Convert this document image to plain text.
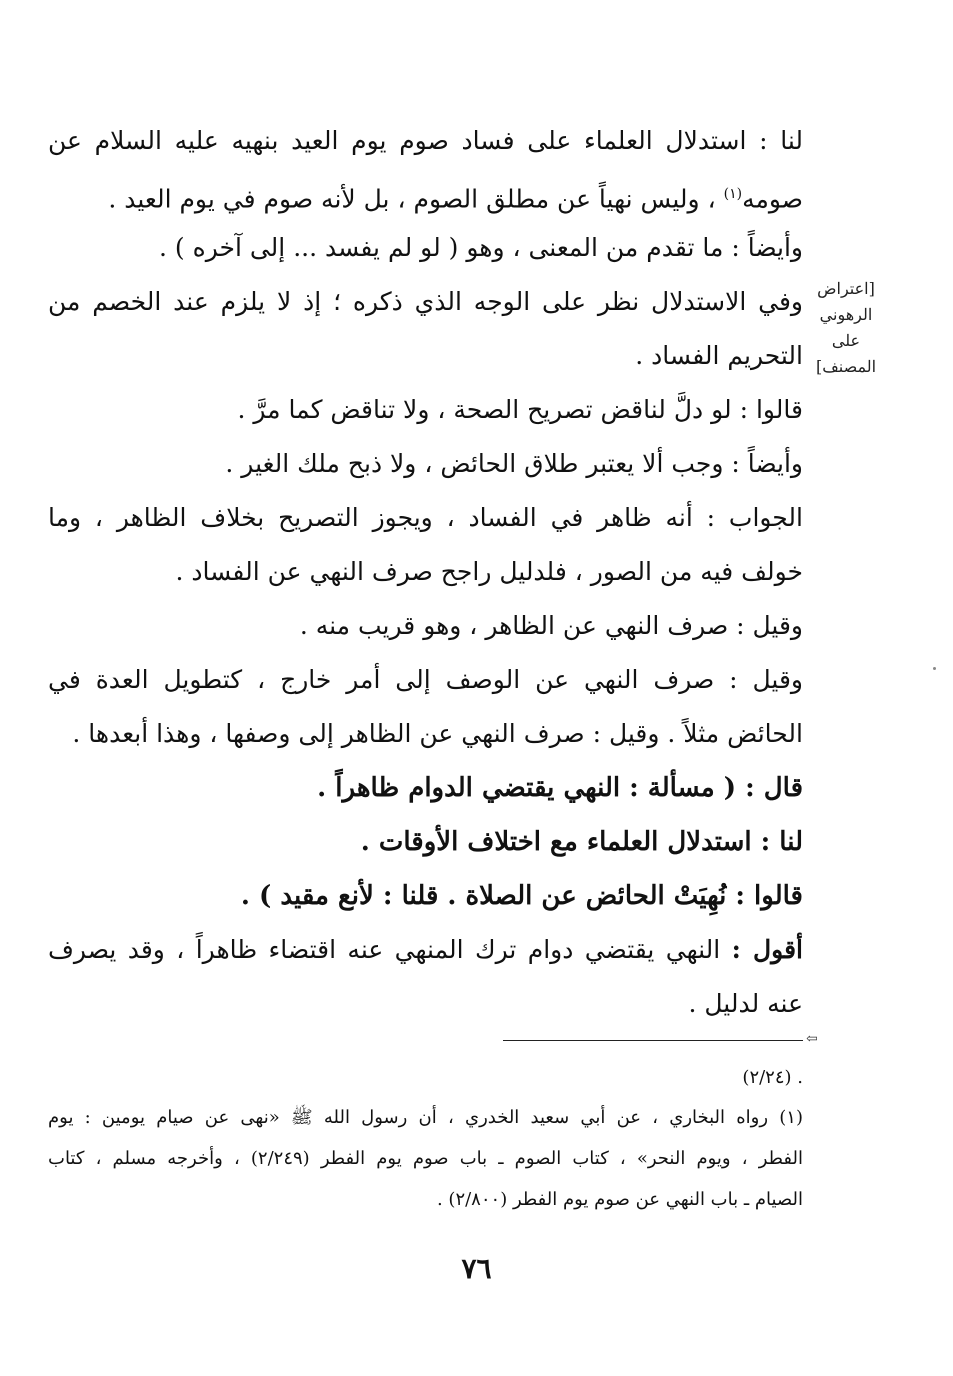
لنا : استدلال العلماء على فساد صوم يوم العيد بنهيه عليه السلام عن
صومه$^{(١)}$ ، وليس نهياً عن مطلق الصوم ، بل لأنه صوم في يوم العيد .
وأيضاً : ما تقدم من المعنى ، وهو ( لو لم يفسد ... إلى آخره ) .
وفي الاستدلال نظر على الوجه الذي ذكره ؛ إذ لا يلزم عند الخصم من
التحريم الفساد .
قالوا : لو دلَّ لناقض تصريح الصحة ، ولا تناقض كما مرَّ .
وأيضاً : وجب ألا يعتبر طلاق الحائض ، ولا ذبح ملك الغير .
الجواب : أنه ظاهر في الفساد ، ويجوز التصريح بخلاف الظاهر ، وما
خولف فيه من الصور ، فلدليل راجح صرف النهي عن الفساد .
وقيل : صرف النهي عن الظاهر ، وهو قريب منه .
وقيل : صرف النهي عن الوصف إلى أمر خارج ، كتطويل العدة في
الحائض مثلاً . وقيل : صرف النهي عن الظاهر إلى وصفها ، وهذا أبعدها .
قال : ( مسألة : النهي يقتضي الدوام ظاهراً .
لنا : استدلال العلماء مع اختلاف الأوقات .
قالوا : نُهِيَتْ الحائض عن الصلاة . قلنا : لأنع مقيد ) .
أقول : النهي يقتضي دوام ترك المنهي عنه اقتضاء ظاهراً ، وقد يصرف
عنه لدليل .
[اعتراض
الرهوني
على
المصنف]
⇦
. (٢/٢٤)
(١) رواه البخاري ، عن أبي سعيد الخدري ، أن رسول الله ﷺ «نهى عن صيام يومين : يوم
الفطر ، ويوم النحر» ، كتاب الصوم ـ باب صوم يوم الفطر (٢/٢٤٩) ، وأخرجه مسلم ، كتاب
الصيام ـ باب النهي عن صوم يوم الفطر (٢/٨٠٠) .
٧٦
